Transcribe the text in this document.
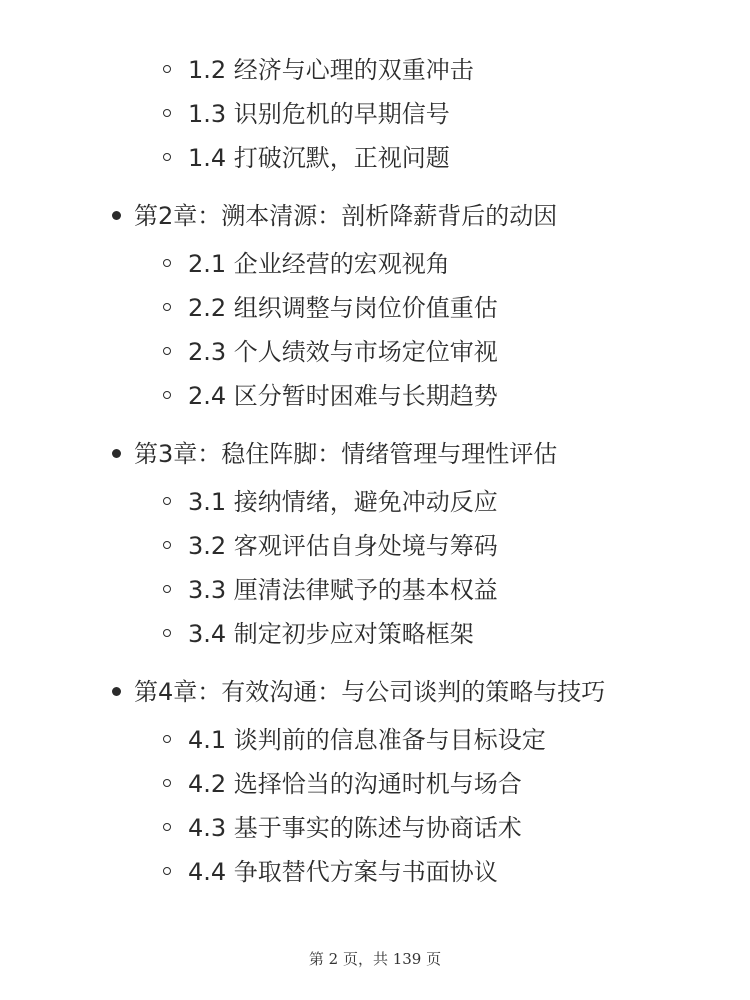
1.2 经济与心理的双重冲击
1.3 识别危机的早期信号
1.4 打破沉默，正视问题
第2章：溯本清源：剖析降薪背后的动因
2.1 企业经营的宏观视角
2.2 组织调整与岗位价值重估
2.3 个人绩效与市场定位审视
2.4 区分暂时困难与长期趋势
第3章：稳住阵脚：情绪管理与理性评估
3.1 接纳情绪，避免冲动反应
3.2 客观评估自身处境与筹码
3.3 厘清法律赋予的基本权益
3.4 制定初步应对策略框架
第4章：有效沟通：与公司谈判的策略与技巧
4.1 谈判前的信息准备与目标设定
4.2 选择恰当的沟通时机与场合
4.3 基于事实的陈述与协商话术
4.4 争取替代方案与书面协议
第 2 页，共 139 页
